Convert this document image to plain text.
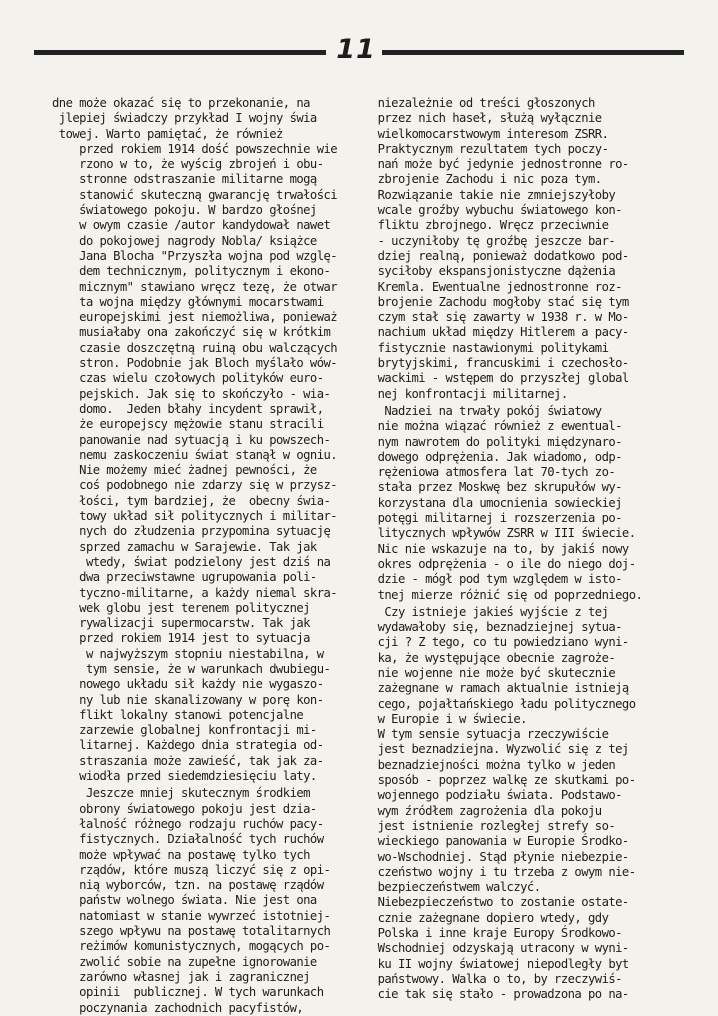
11
dne może okazać się to przekonanie, na
jlepiej świadczy przykład I wojny świa
towej. Warto pamiętać, że również
przed rokiem 1914 dość powszechnie wie
rzono w to, że wyścig zbrojeń i obu-
stronne odstraszanie militarne mogą
stanowić skuteczną gwarancję trwałości
światowego pokoju. W bardzo głośnej
w owym czasie /autor kandydował nawet
do pokojowej nagrody Nobla/ książce
Jana Blocha "Przyszła wojna pod wzglę-
dem technicznym, politycznym i ekono-
micznym" stawiano wręcz tezę, że otwar
ta wojna między głównymi mocarstwami
europejskimi jest niemożliwa, ponieważ
musiałaby ona zakończyć się w krótkim
czasie doszczętną ruiną obu walczących
stron. Podobnie jak Bloch myślało wów-
czas wielu czołowych polityków euro-
pejskich. Jak się to skończyło - wia-
domo.  Jeden błahy incydent sprawił,
że europejscy mężowie stanu stracili
panowanie nad sytuacją i ku powszech-
nemu zaskoczeniu świat stanął w ogniu.
Nie możemy mieć żadnej pewności, że
coś podobnego nie zdarzy się w przysz-
łości, tym bardziej, że  obecny świa-
towy układ sił politycznych i militar-
nych do złudzenia przypomina sytuację
sprzed zamachu w Sarajewie. Tak jak
wtedy, świat podzielony jest dziś na
dwa przeciwstawne ugrupowania poli-
tyczno-militarne, a każdy niemal skra-
wek globu jest terenem politycznej
rywalizacji supermocarstw. Tak jak
przed rokiem 1914 jest to sytuacja
w najwyższym stopniu niestabilna, w
tym sensie, że w warunkach dwubiegu-
nowego układu sił każdy nie wygaszo-
ny lub nie skanalizowany w porę kon-
flikt lokalny stanowi potencjalne
zarzewie globalnej konfrontacji mi-
litarnej. Każdego dnia strategia od-
straszania może zawieść, tak jak za-
wiodła przed siedemdziesięciu laty.
Jeszcze mniej skutecznym środkiem
obrony światowego pokoju jest dzia-
łalność różnego rodzaju ruchów pacy-
fistycznych. Działalność tych ruchów
może wpływać na postawę tylko tych
rządów, które muszą liczyć się z opi-
nią wyborców, tzn. na postawę rządów
państw wolnego świata. Nie jest ona
natomiast w stanie wywrzeć istotniej-
szego wpływu na postawę totalitarnych
reżimów komunistycznych, mogących po-
zwolić sobie na zupełne ignorowanie
zarówno własnej jak i zagranicznej
opinii  publicznej. W tych warunkach
poczynania zachodnich pacyfistów,
niezależnie od treści głoszonych
przez nich haseł, służą wyłącznie
wielkomocarstwowym interesom ZSRR.
Praktycznym rezultatem tych poczy-
nań może być jedynie jednostronne ro-
zbrojenie Zachodu i nic poza tym.
Rozwiązanie takie nie zmniejszyłoby
wcale groźby wybuchu światowego kon-
fliktu zbrojnego. Wręcz przeciwnie
- uczyniłoby tę groźbę jeszcze bar-
dziej realną, ponieważ dodatkowo pod-
syciłoby ekspansjonistyczne dążenia
Kremla. Ewentualne jednostronne roz-
brojenie Zachodu mogłoby stać się tym
czym stał się zawarty w 1938 r. w Mo-
nachium układ między Hitlerem a pacy-
fistycznie nastawionymi politykami
brytyjskimi, francuskimi i czechosło-
wackimi - wstępem do przyszłej global
nej konfrontacji militarnej.
Nadziei na trwały pokój światowy
nie można wiązać również z ewentual-
nym nawrotem do polityki międzynaro-
dowego odprężenia. Jak wiadomo, odp-
rężeniowa atmosfera lat 70-tych zo-
stała przez Moskwę bez skrupułów wy-
korzystana dla umocnienia sowieckiej
potęgi militarnej i rozszerzenia po-
litycznych wpływów ZSRR w III świecie.
Nic nie wskazuje na to, by jakiś nowy
okres odprężenia - o ile do niego doj-
dzie - mógł pod tym względem w isto-
tnej mierze różnić się od poprzedniego.
Czy istnieje jakieś wyjście z tej
wydawałoby się, beznadziejnej sytua-
cji ? Z tego, co tu powiedziano wyni-
ka, że występujące obecnie zagroże-
nie wojenne nie może być skutecznie
zażegnane w ramach aktualnie istnieją
cego, pojałtańskiego ładu politycznego
w Europie i w świecie.
W tym sensie sytuacja rzeczywiście
jest beznadziejna. Wyzwolić się z tej
beznadziejności można tylko w jeden
sposób - poprzez walkę ze skutkami po-
wojennego podziału świata. Podstawo-
wym źródłem zagrożenia dla pokoju
jest istnienie rozległej strefy so-
wieckiego panowania w Europie Środko-
wo-Wschodniej. Stąd płynie niebezpie-
czeństwo wojny i tu trzeba z owym nie-
bezpieczeństwem walczyć.
Niebezpieczeństwo to zostanie ostate-
cznie zażegnane dopiero wtedy, gdy
Polska i inne kraje Europy Środkowo-
Wschodniej odzyskają utracony w wyni-
ku II wojny światowej niepodległy byt
państwowy. Walka o to, by rzeczywiś-
cie tak się stało - prowadzona po na-
